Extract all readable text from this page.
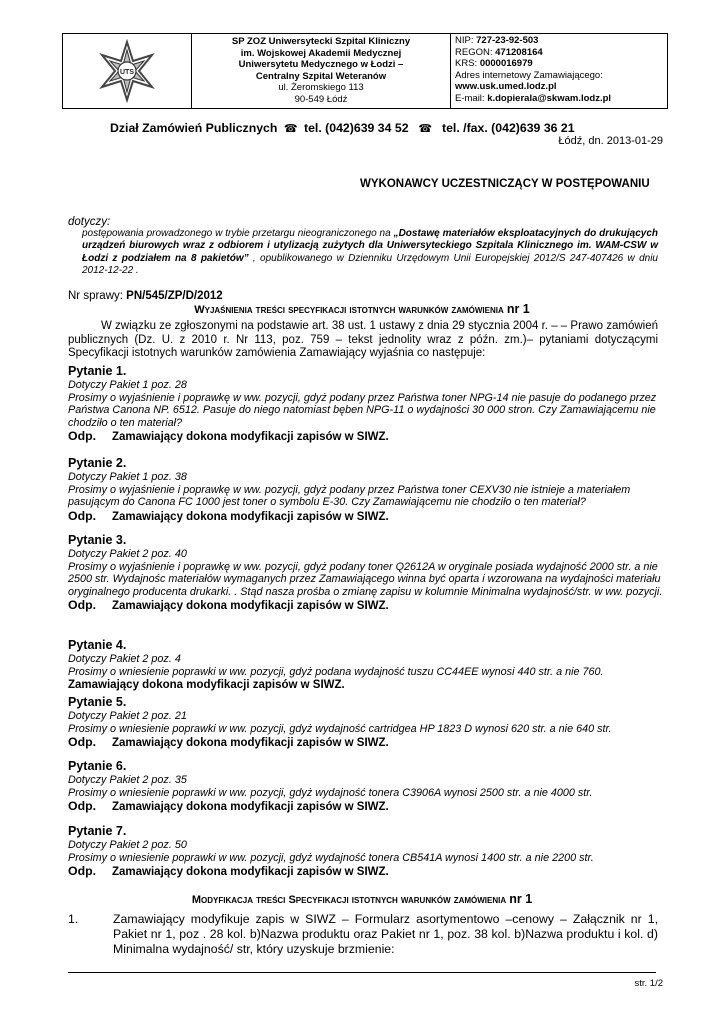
UTS
SP ZOZ Uniwersytecki Szpital Kliniczny
im. Wojskowej Akademii Medycznej
Uniwersytetu Medycznego w Łodzi –
Centralny Szpital Weteranów
ul. Żeromskiego 113
90-549 Łódź
NIP: 727-23-92-503
REGON: 471208164
KRS: 0000016979
Adres internetowy Zamawiającego:
www.usk.umed.lodz.pl
E-mail: k.dopierala@skwam.lodz.pl
Dział Zamówień Publicznych ☎ tel. (042)639 34 52 ☎ tel. /fax. (042)639 36 21
Łódź, dn. 2013-01-29
WYKONAWCY UCZESTNICZĄCY W POSTĘPOWANIU
dotyczy:
postępowania prowadzonego w trybie przetargu nieograniczonego na „Dostawę materiałów eksploatacyjnych do drukujących urządzeń biurowych wraz z odbiorem i utylizacją zużytych dla Uniwersyteckiego Szpitala Klinicznego im. WAM-CSW w Łodzi z podziałem na 8 pakietów” , opublikowanego w Dzienniku Urzędowym Unii Europejskiej 2012/S 247-407426 w dniu 2012-12-22 .
Nr sprawy: PN/545/ZP/D/2012
Wyjaśnienia treści specyfikacji istotnych warunków zamówienia nr 1
W związku ze zgłoszonymi na podstawie art. 38 ust. 1 ustawy z dnia 29 stycznia 2004 r. – – Prawo zamówień publicznych (Dz. U. z 2010 r. Nr 113, poz. 759 – tekst jednolity wraz z późn. zm.)– pytaniami dotyczącymi Specyfikacji istotnych warunków zamówienia Zamawiający wyjaśnia co następuje:
Pytanie 1.
Dotyczy Pakiet 1 poz. 28
Prosimy o wyjaśnienie i poprawkę w ww. pozycji, gdyż podany przez Państwa toner NPG-14 nie pasuje do podanego przez Państwa Canona NP. 6512. Pasuje do niego natomiast bęben NPG-11 o wydajności 30 000 stron. Czy Zamawiającemu nie chodziło o ten materiał?
Odp. Zamawiający dokona modyfikacji zapisów w SIWZ.
Pytanie 2.
Dotyczy Pakiet 1 poz. 38
Prosimy o wyjaśnienie i poprawkę w ww. pozycji, gdyż podany przez Państwa toner CEXV30 nie istnieje a materiałem pasującym do Canona FC 1000 jest toner o symbolu E-30. Czy Zamawiającemu nie chodziło o ten materiał?
Odp. Zamawiający dokona modyfikacji zapisów w SIWZ.
Pytanie 3.
Dotyczy Pakiet 2 poz. 40
Prosimy o wyjaśnienie i poprawkę w ww. pozycji, gdyż podany toner Q2612A w oryginale posiada wydajność 2000 str. a nie 2500 str. Wydajnośc materiałów wymaganych przez Zamawiającego winna być oparta i wzorowana na wydajności materiału oryginalnego producenta drukarki. . Stąd nasza prośba o zmianę zapisu w kolumnie Minimalna wydajność/str. w ww. pozycji.
Odp. Zamawiający dokona modyfikacji zapisów w SIWZ.
Pytanie 4.
Dotyczy Pakiet 2 poz. 4
Prosimy o wniesienie poprawki w ww. pozycji, gdyż podana wydajność tuszu CC44EE wynosi 440 str. a nie 760.
Zamawiający dokona modyfikacji zapisów w SIWZ.
Pytanie 5.
Dotyczy Pakiet 2 poz. 21
Prosimy o wniesienie poprawki w ww. pozycji, gdyż wydajność cartridgea HP 1823 D wynosi 620 str. a nie 640 str.
Odp. Zamawiający dokona modyfikacji zapisów w SIWZ.
Pytanie 6.
Dotyczy Pakiet 2 poz. 35
Prosimy o wniesienie poprawki w ww. pozycji, gdyż wydajność tonera C3906A wynosi 2500 str. a nie 4000 str.
Odp. Zamawiający dokona modyfikacji zapisów w SIWZ.
Pytanie 7.
Dotyczy Pakiet 2 poz. 50
Prosimy o wniesienie poprawki w ww. pozycji, gdyż wydajność tonera CB541A wynosi 1400 str. a nie 2200 str.
Odp. Zamawiający dokona modyfikacji zapisów w SIWZ.
Modyfikacja treści Specyfikacji istotnych warunków zamówienia nr 1
1.	Zamawiający modyfikuje zapis w SIWZ – Formularz asortymentowo –cenowy – Załącznik nr 1, Pakiet nr 1, poz . 28 kol. b)Nazwa produktu oraz Pakiet nr 1, poz. 38 kol. b)Nazwa produktu i kol. d) Minimalna wydajność/ str, który uzyskuje brzmienie:
str. 1/2
